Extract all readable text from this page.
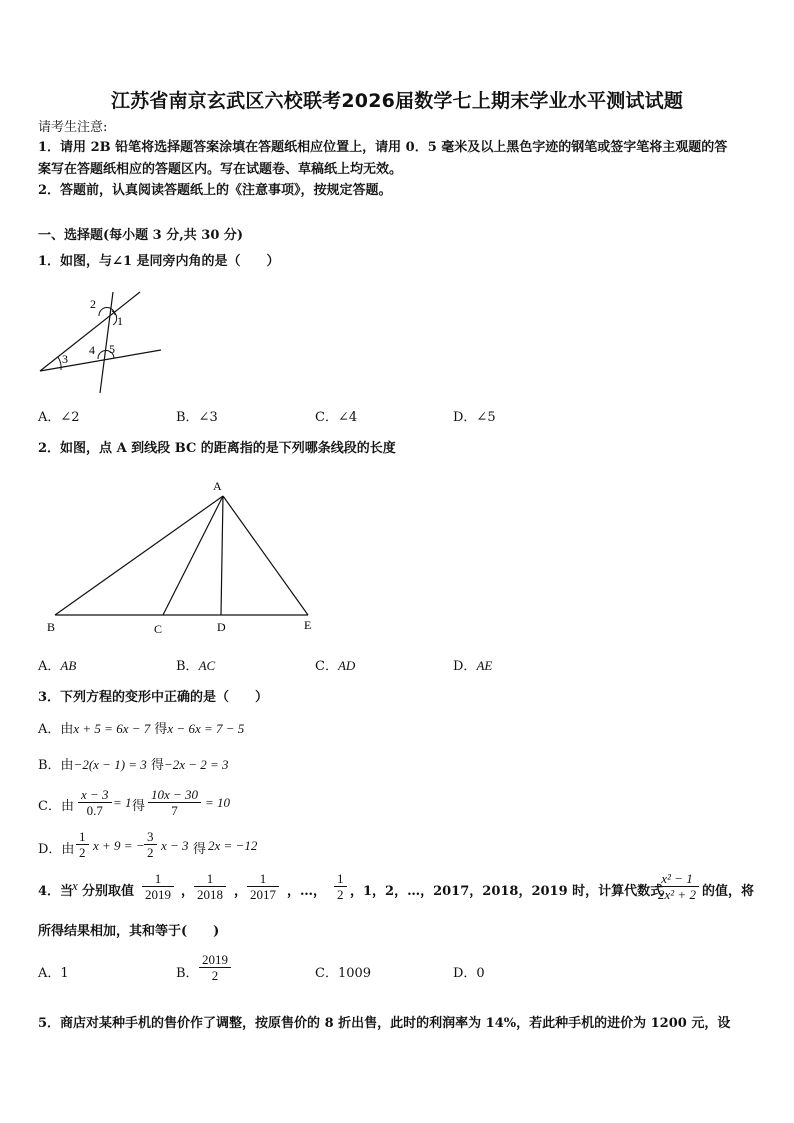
江苏省南京玄武区六校联考2026届数学七上期末学业水平测试试题
请考生注意:
1．请用 2B 铅笔将选择题答案涂填在答题纸相应位置上，请用 0．5 毫米及以上黑色字迹的钢笔或签字笔将主观题的答
案写在答题纸相应的答题区内。写在试题卷、草稿纸上均无效。
2．答题前，认真阅读答题纸上的《注意事项》，按规定答题。
一、选择题(每小题 3 分,共 30 分)
1．如图，与∠1 是同旁内角的是（　　）
2
1
3
4 5
A．∠2	B．∠3	C．∠4	D．∠5
2．如图，点 A 到线段 BC 的距离指的是下列哪条线段的长度
A
B	C	D	E
A．AB	B．AC	C．AD	D．AE
3．下列方程的变形中正确的是（　　）
A．由x + 5 = 6x − 7 得x − 6x = 7 − 5
B．由−2(x − 1) = 3 得−2x − 2 = 3
C．由 $\frac{x - 3}{0.7} = 1$ 得 $\frac{10x - 30}{7} = 10$
D．由 $\frac{1}{2}$ x + 9 = − $\frac{3}{2}$ x − 3 得 2x = −12
4．当
x 分别取值 $\frac{1}{2019}$ ， $\frac{1}{2018}$ ， $\frac{1}{2017}$ ，…， $\frac{1}{2}$ ，1，2，…，2017，2018，2019 时，计算代数式
$\frac{\text{x² − 1}}{\text{2x² + 2}}$ 的值，将
所得结果相加，其和等于(　　)
A．1	B． $\frac{2019}{2}$	C．1009	D．0
5．商店对某种手机的售价作了调整，按原售价的 8 折出售，此时的利润率为 14%，若此种手机的进价为 1200 元，设
